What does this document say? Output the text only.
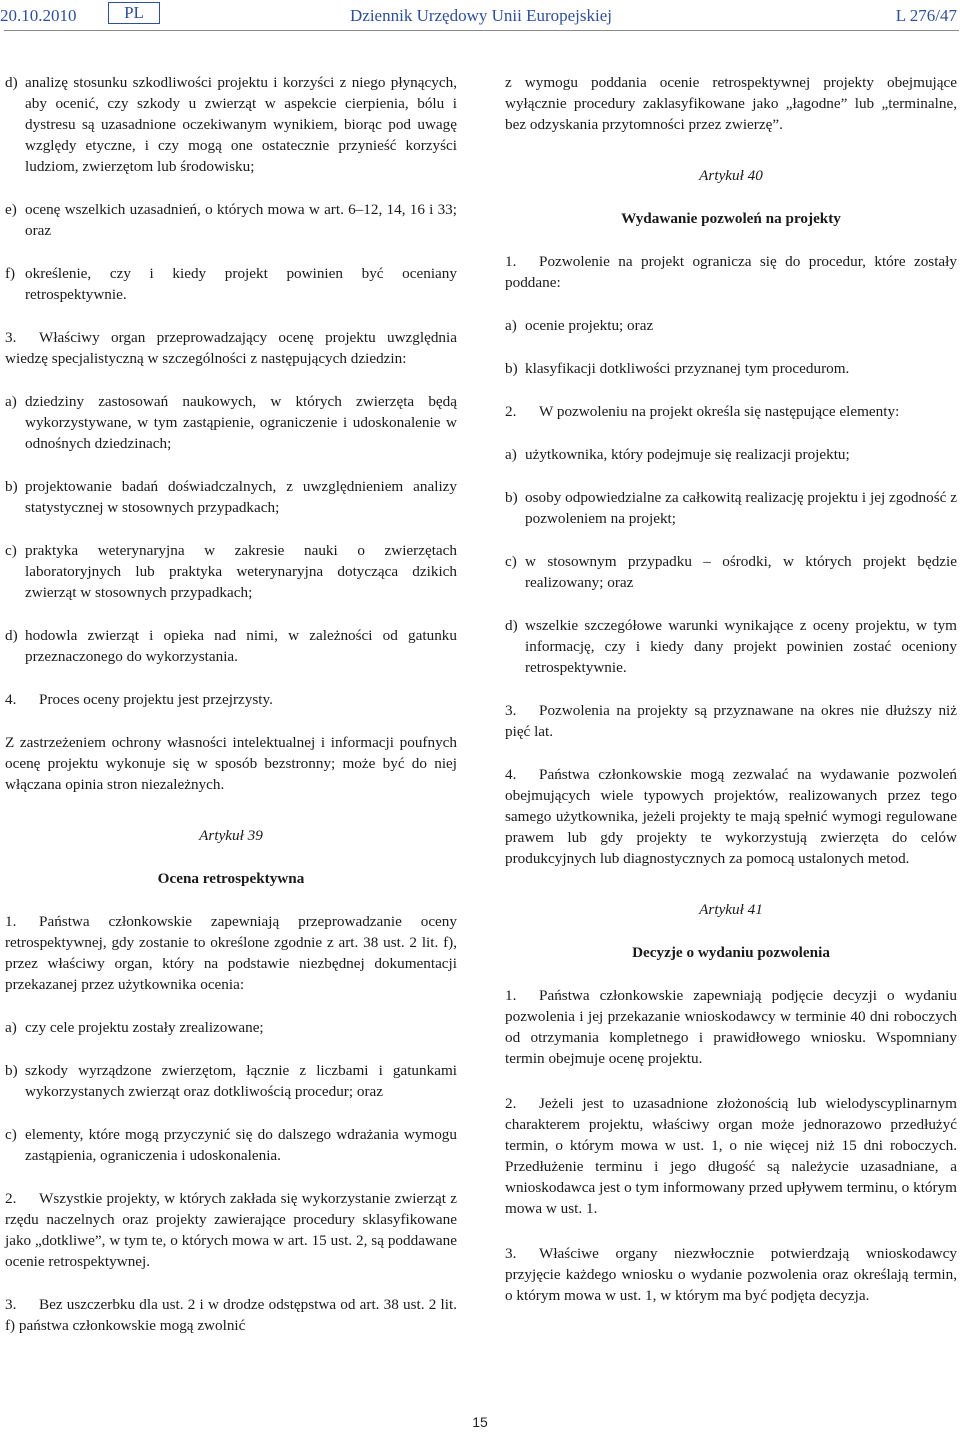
20.10.2010	PL	Dziennik Urzędowy Unii Europejskiej	L 276/47
d) analizę stosunku szkodliwości projektu i korzyści z niego płynących, aby ocenić, czy szkody u zwierząt w aspekcie cierpienia, bólu i dystresu są uzasadnione oczekiwanym wynikiem, biorąc pod uwagę względy etyczne, i czy mogą one ostatecznie przynieść korzyści ludziom, zwierzętom lub środowisku;
e) ocenę wszelkich uzasadnień, o których mowa w art. 6–12, 14, 16 i 33; oraz
f) określenie, czy i kiedy projekt powinien być oceniany retrospektywnie.

3. Właściwy organ przeprowadzający ocenę projektu uwzględnia wiedzę specjalistyczną w szczególności z następujących dziedzin:

a) dziedziny zastosowań naukowych, w których zwierzęta będą wykorzystywane, w tym zastąpienie, ograniczenie i udoskonalenie w odnośnych dziedzinach;
b) projektowanie badań doświadczalnych, z uwzględnieniem analizy statystycznej w stosownych przypadkach;
c) praktyka weterynaryjna w zakresie nauki o zwierzętach laboratoryjnych lub praktyka weterynaryjna dotycząca dzikich zwierząt w stosownych przypadkach;
d) hodowla zwierząt i opieka nad nimi, w zależności od gatunku przeznaczonego do wykorzystania.

4. Proces oceny projektu jest przejrzysty.

Z zastrzeżeniem ochrony własności intelektualnej i informacji poufnych ocenę projektu wykonuje się w sposób bezstronny; może być do niej włączana opinia stron niezależnych.

Artykuł 39

Ocena retrospektywna

1. Państwa członkowskie zapewniają przeprowadzanie oceny retrospektywnej, gdy zostanie to określone zgodnie z art. 38 ust. 2 lit. f), przez właściwy organ, który na podstawie niezbędnej dokumentacji przekazanej przez użytkownika ocenia:

a) czy cele projektu zostały zrealizowane;
b) szkody wyrządzone zwierzętom, łącznie z liczbami i gatunkami wykorzystanych zwierząt oraz dotkliwością procedur; oraz
c) elementy, które mogą przyczynić się do dalszego wdrażania wymogu zastąpienia, ograniczenia i udoskonalenia.

2. Wszystkie projekty, w których zakłada się wykorzystanie zwierząt z rzędu naczelnych oraz projekty zawierające procedury sklasyfikowane jako „dotkliwe”, w tym te, o których mowa w art. 15 ust. 2, są poddawane ocenie retrospektywnej.

3. Bez uszczerbku dla ust. 2 i w drodze odstępstwa od art. 38 ust. 2 lit. f) państwa członkowskie mogą zwolnić

z wymogu poddania ocenie retrospektywnej projekty obejmujące wyłącznie procedury zaklasyfikowane jako „łagodne” lub „terminalne, bez odzyskania przytomności przez zwierzę”.

Artykuł 40

Wydawanie pozwoleń na projekty

1. Pozwolenie na projekt ogranicza się do procedur, które zostały poddane:

a) ocenie projektu; oraz
b) klasyfikacji dotkliwości przyznanej tym procedurom.

2. W pozwoleniu na projekt określa się następujące elementy:

a) użytkownika, który podejmuje się realizacji projektu;
b) osoby odpowiedzialne za całkowitą realizację projektu i jej zgodność z pozwoleniem na projekt;
c) w stosownym przypadku – ośrodki, w których projekt będzie realizowany; oraz
d) wszelkie szczegółowe warunki wynikające z oceny projektu, w tym informację, czy i kiedy dany projekt powinien zostać oceniony retrospektywnie.

3. Pozwolenia na projekty są przyznawane na okres nie dłuższy niż pięć lat.

4. Państwa członkowskie mogą zezwalać na wydawanie pozwoleń obejmujących wiele typowych projektów, realizowanych przez tego samego użytkownika, jeżeli projekty te mają spełnić wymogi regulowane prawem lub gdy projekty te wykorzystują zwierzęta do celów produkcyjnych lub diagnostycznych za pomocą ustalonych metod.

Artykuł 41

Decyzje o wydaniu pozwolenia

1. Państwa członkowskie zapewniają podjęcie decyzji o wydaniu pozwolenia i jej przekazanie wnioskodawcy w terminie 40 dni roboczych od otrzymania kompletnego i prawidłowego wniosku. Wspomniany termin obejmuje ocenę projektu.

2. Jeżeli jest to uzasadnione złożonością lub wielodyscyplinarnym charakterem projektu, właściwy organ może jednorazowo przedłużyć termin, o którym mowa w ust. 1, o nie więcej niż 15 dni roboczych. Przedłużenie terminu i jego długość są należycie uzasadniane, a wnioskodawca jest o tym informowany przed upływem terminu, o którym mowa w ust. 1.

3. Właściwe organy niezwłocznie potwierdzają wnioskodawcy przyjęcie każdego wniosku o wydanie pozwolenia oraz określają termin, o którym mowa w ust. 1, w którym ma być podjęta decyzja.

15
